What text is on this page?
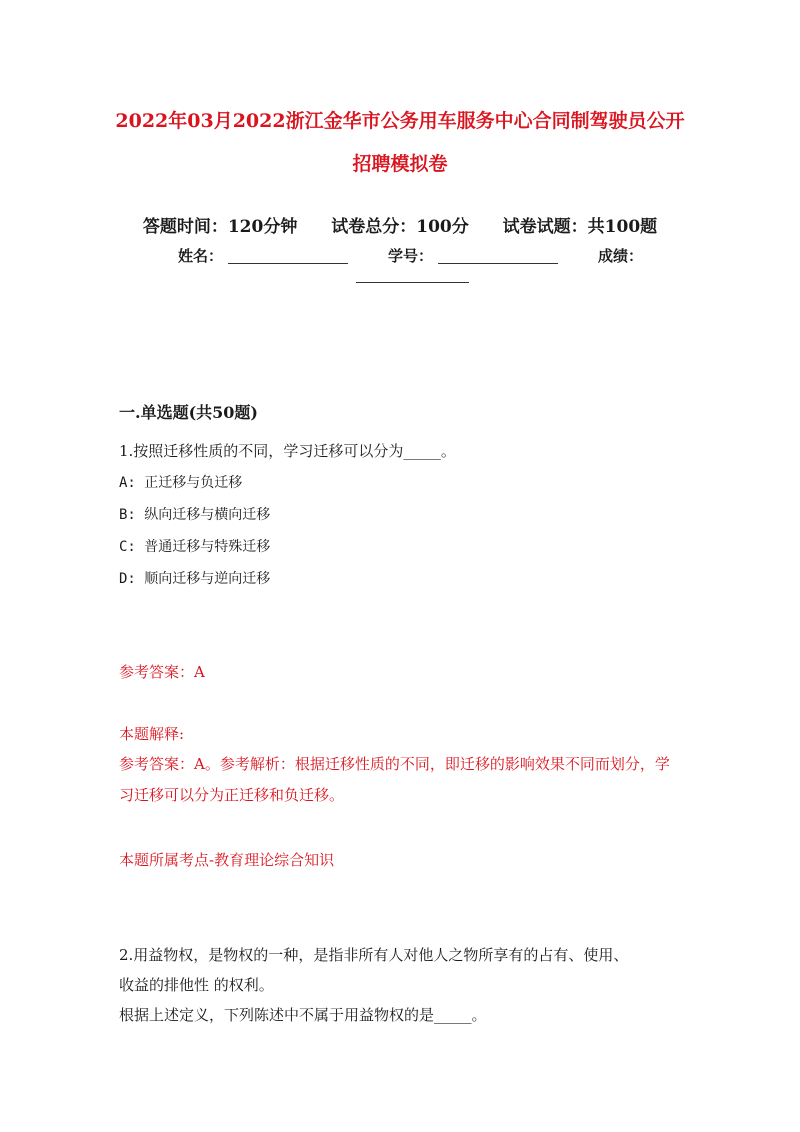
2022年03月2022浙江金华市公务用车服务中心合同制驾驶员公开
招聘模拟卷
答题时间：120分钟 试卷总分：100分 试卷试题：共100题
姓名：	学号：	成绩：
一.单选题(共50题)
1.按照迁移性质的不同，学习迁移可以分为_____。
A: 正迁移与负迁移
B: 纵向迁移与横向迁移
C: 普通迁移与特殊迁移
D: 顺向迁移与逆向迁移
参考答案：A
本题解释:
参考答案：A。参考解析：根据迁移性质的不同，即迁移的影响效果不同而划分，学习迁移可以分为正迁移和负迁移。
本题所属考点-教育理论综合知识
2.用益物权，是物权的一种，是指非所有人对他人之物所享有的占有、使用、
收益的排他性 的权利。
根据上述定义，下列陈述中不属于用益物权的是_____。
